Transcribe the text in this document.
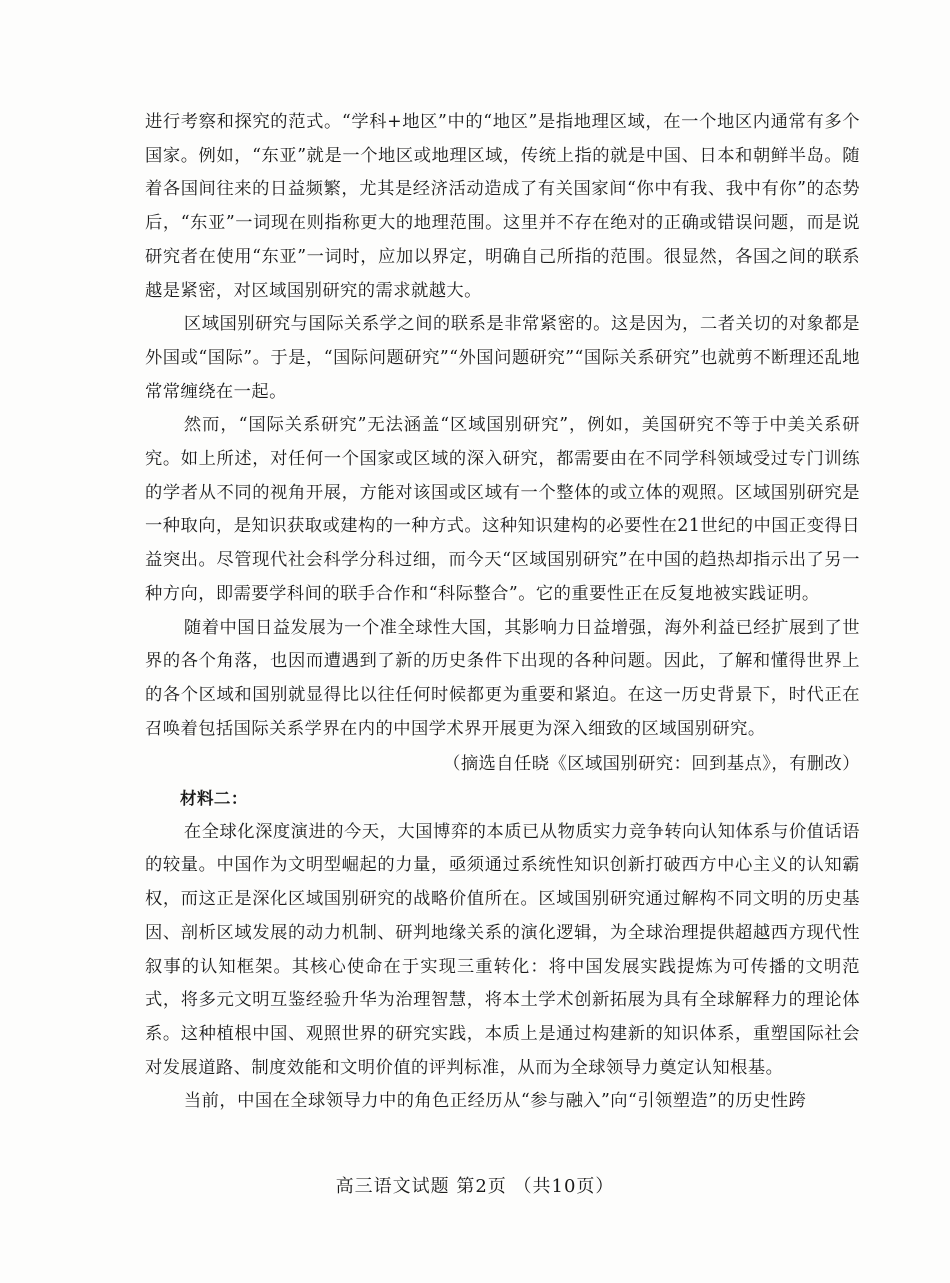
进行考察和探究的范式。“学科+地区”中的“地区”是指地理区域，在一个地区内通常有多个国家。例如，“东亚”就是一个地区或地理区域，传统上指的就是中国、日本和朝鲜半岛。随着各国间往来的日益频繁，尤其是经济活动造成了有关国家间“你中有我、我中有你”的态势后，“东亚”一词现在则指称更大的地理范围。这里并不存在绝对的正确或错误问题，而是说研究者在使用“东亚”一词时，应加以界定，明确自己所指的范围。很显然，各国之间的联系越是紧密，对区域国别研究的需求就越大。

区域国别研究与国际关系学之间的联系是非常紧密的。这是因为，二者关切的对象都是外国或“国际”。于是，“国际问题研究”“外国问题研究”“国际关系研究”也就剪不断理还乱地常常缠绕在一起。

然而，“国际关系研究”无法涵盖“区域国别研究”，例如，美国研究不等于中美关系研究。如上所述，对任何一个国家或区域的深入研究，都需要由在不同学科领域受过专门训练的学者从不同的视角开展，方能对该国或区域有一个整体的或立体的观照。区域国别研究是一种取向，是知识获取或建构的一种方式。这种知识建构的必要性在21世纪的中国正变得日益突出。尽管现代社会科学分科过细，而今天“区域国别研究”在中国的趋热却指示出了另一种方向，即需要学科间的联手合作和“科际整合”。它的重要性正在反复地被实践证明。

随着中国日益发展为一个准全球性大国，其影响力日益增强，海外利益已经扩展到了世界的各个角落，也因而遭遇到了新的历史条件下出现的各种问题。因此，了解和懂得世界上的各个区域和国别就显得比以往任何时候都更为重要和紧迫。在这一历史背景下，时代正在召唤着包括国际关系学界在内的中国学术界开展更为深入细致的区域国别研究。

（摘选自任晓《区域国别研究：回到基点》，有删改）

材料二：

在全球化深度演进的今天，大国博弈的本质已从物质实力竞争转向认知体系与价值话语的较量。中国作为文明型崛起的力量，亟须通过系统性知识创新打破西方中心主义的认知霸权，而这正是深化区域国别研究的战略价值所在。区域国别研究通过解构不同文明的历史基因、剖析区域发展的动力机制、研判地缘关系的演化逻辑，为全球治理提供超越西方现代性叙事的认知框架。其核心使命在于实现三重转化：将中国发展实践提炼为可传播的文明范式，将多元文明互鉴经验升华为治理智慧，将本土学术创新拓展为具有全球解释力的理论体系。这种植根中国、观照世界的研究实践，本质上是通过构建新的知识体系，重塑国际社会对发展道路、制度效能和文明价值的评判标准，从而为全球领导力奠定认知根基。

当前，中国在全球领导力中的角色正经历从“参与融入”向“引领塑造”的历史性跨

高三语文试题 第2页 （共10页）
